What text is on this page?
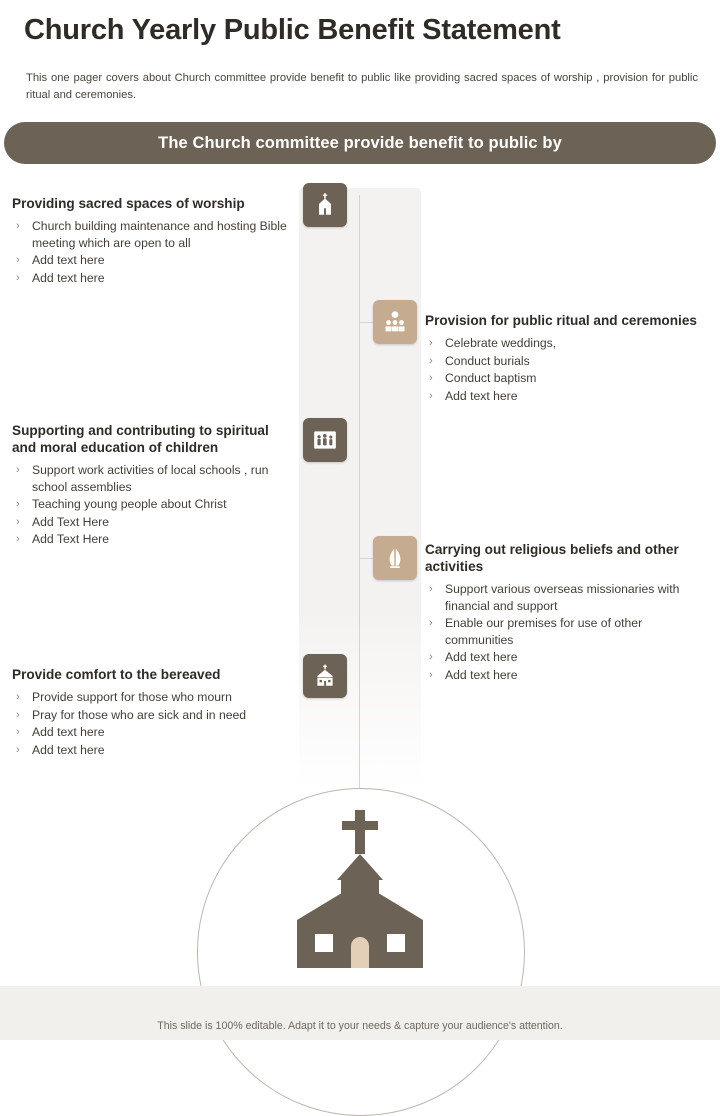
Church Yearly Public Benefit Statement
This one pager covers about Church committee provide benefit to public like providing sacred spaces of worship , provision for public ritual and ceremonies.
The Church committee provide benefit to public by
Providing sacred spaces of worship
› Church building maintenance and hosting Bible meeting which are open to all
› Add text here
› Add text here
Provision for public ritual and ceremonies
› Celebrate weddings,
› Conduct burials
› Conduct baptism
› Add text here
Supporting and contributing to spiritual and moral education of children
› Support work activities of local schools , run school assemblies
› Teaching young people about Christ
› Add Text Here
› Add Text Here
Carrying out religious beliefs and other activities
› Support various overseas missionaries with financial and support
› Enable our premises for use of other communities
› Add text here
› Add text here
Provide comfort to the bereaved
› Provide support for those who mourn
› Pray for those who are sick and in need
› Add text here
› Add text here
This slide is 100% editable. Adapt it to your needs & capture your audience's attention.
